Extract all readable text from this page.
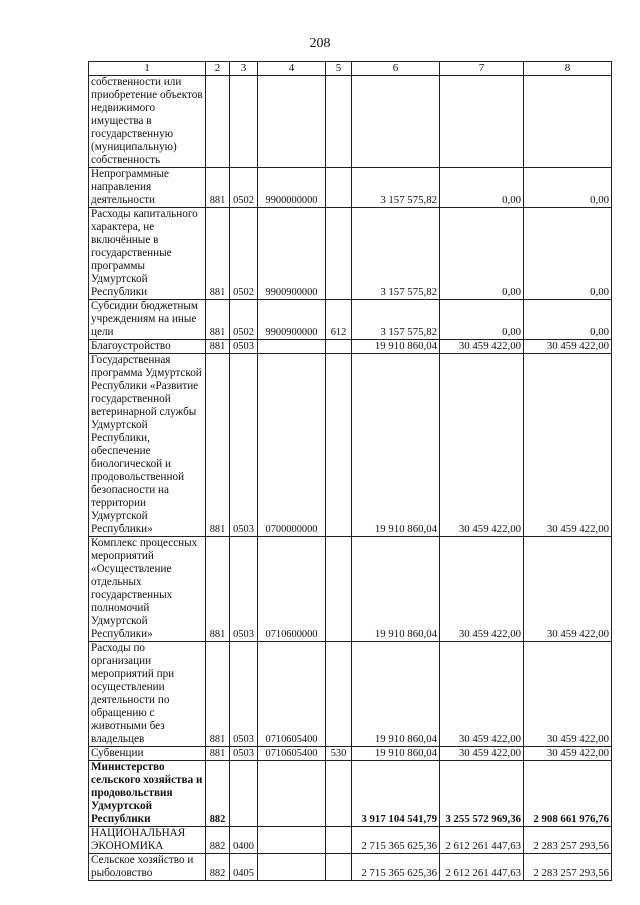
208
1	2	3	4	5	6	7	8
собственности или приобретение объектов недвижимого имущества в государственную (муниципальную) собственность							
Непрограммные направления деятельности	881	0502	9900000000		3 157 575,82	0,00	0,00
Расходы капитального характера, не включённые в государственные программы Удмуртской Республики	881	0502	9900900000		3 157 575,82	0,00	0,00
Субсидии бюджетным учреждениям на иные цели	881	0502	9900900000	612	3 157 575,82	0,00	0,00
Благоустройство	881	0503			19 910 860,04	30 459 422,00	30 459 422,00
Государственная программа Удмуртской Республики «Развитие государственной ветеринарной службы Удмуртской Республики, обеспечение биологической и продовольственной безопасности на территории Удмуртской Республики»	881	0503	0700000000		19 910 860,04	30 459 422,00	30 459 422,00
Комплекс процессных мероприятий «Осуществление отдельных государственных полномочий Удмуртской Республики»	881	0503	0710600000		19 910 860,04	30 459 422,00	30 459 422,00
Расходы по организации мероприятий при осуществлении деятельности по обращению с животными без владельцев	881	0503	0710605400		19 910 860,04	30 459 422,00	30 459 422,00
Субвенции	881	0503	0710605400	530	19 910 860,04	30 459 422,00	30 459 422,00
Министерство сельского хозяйства и продовольствия Удмуртской Республики	882				3 917 104 541,79	3 255 572 969,36	2 908 661 976,76
НАЦИОНАЛЬНАЯ ЭКОНОМИКА	882	0400			2 715 365 625,36	2 612 261 447,63	2 283 257 293,56
Сельское хозяйство и рыболовство	882	0405			2 715 365 625,36	2 612 261 447,63	2 283 257 293,56
